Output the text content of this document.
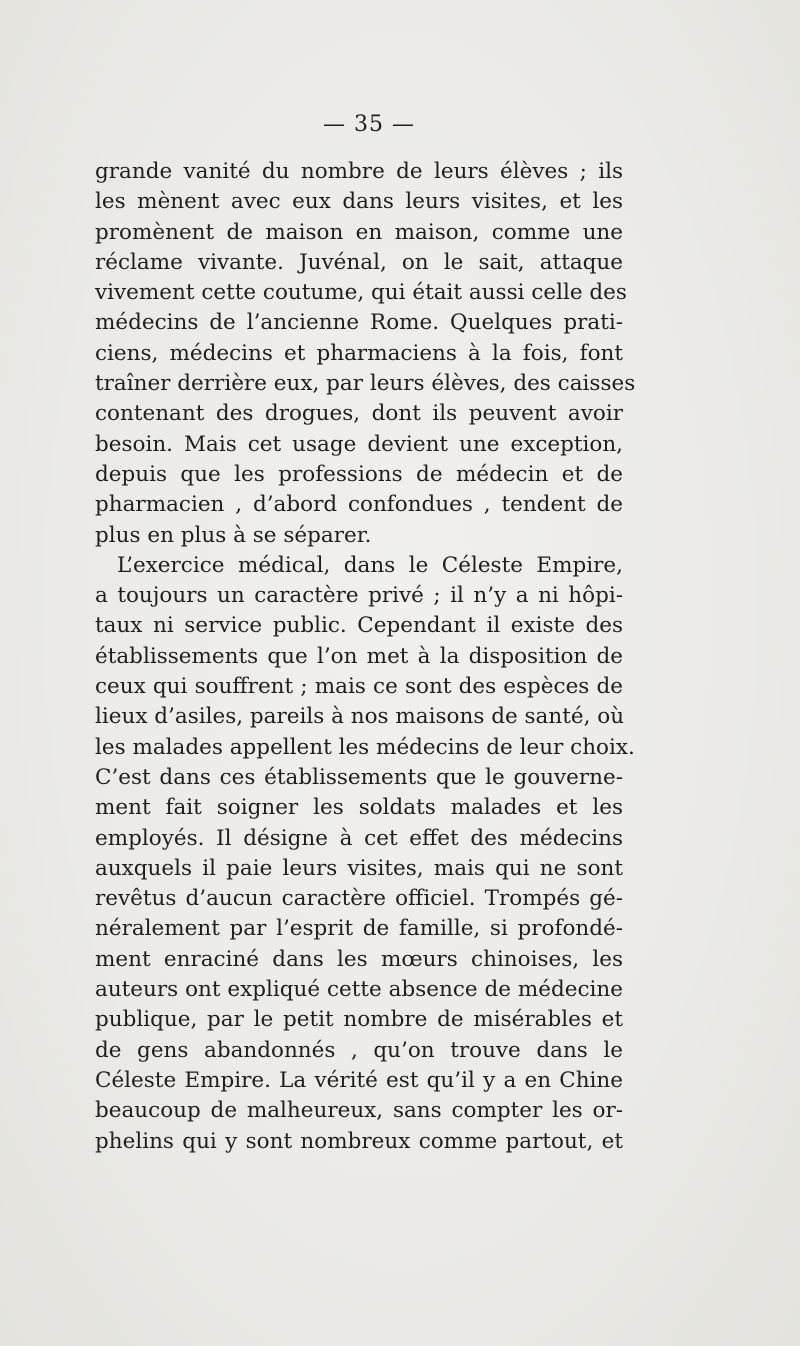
— 35 —
grande vanité du nombre de leurs élèves ; ils
les mènent avec eux dans leurs visites, et les
promènent de maison en maison, comme une
réclame vivante. Juvénal, on le sait, attaque
vivement cette coutume, qui était aussi celle des
médecins de l’ancienne Rome. Quelques prati-
ciens, médecins et pharmaciens à la fois, font
traîner derrière eux, par leurs élèves, des caisses
contenant des drogues, dont ils peuvent avoir
besoin. Mais cet usage devient une exception,
depuis que les professions de médecin et de
pharmacien , d’abord confondues , tendent de
plus en plus à se séparer.
L’exercice médical, dans le Céleste Empire,
a toujours un caractère privé ; il n’y a ni hôpi-
taux ni service public. Cependant il existe des
établissements que l’on met à la disposition de
ceux qui souffrent ; mais ce sont des espèces de
lieux d’asiles, pareils à nos maisons de santé, où
les malades appellent les médecins de leur choix.
C’est dans ces établissements que le gouverne-
ment fait soigner les soldats malades et les
employés. Il désigne à cet effet des médecins
auxquels il paie leurs visites, mais qui ne sont
revêtus d’aucun caractère officiel. Trompés gé-
néralement par l’esprit de famille, si profondé-
ment enraciné dans les mœurs chinoises, les
auteurs ont expliqué cette absence de médecine
publique, par le petit nombre de misérables et
de gens abandonnés , qu’on trouve dans le
Céleste Empire. La vérité est qu’il y a en Chine
beaucoup de malheureux, sans compter les or-
phelins qui y sont nombreux comme partout, et
